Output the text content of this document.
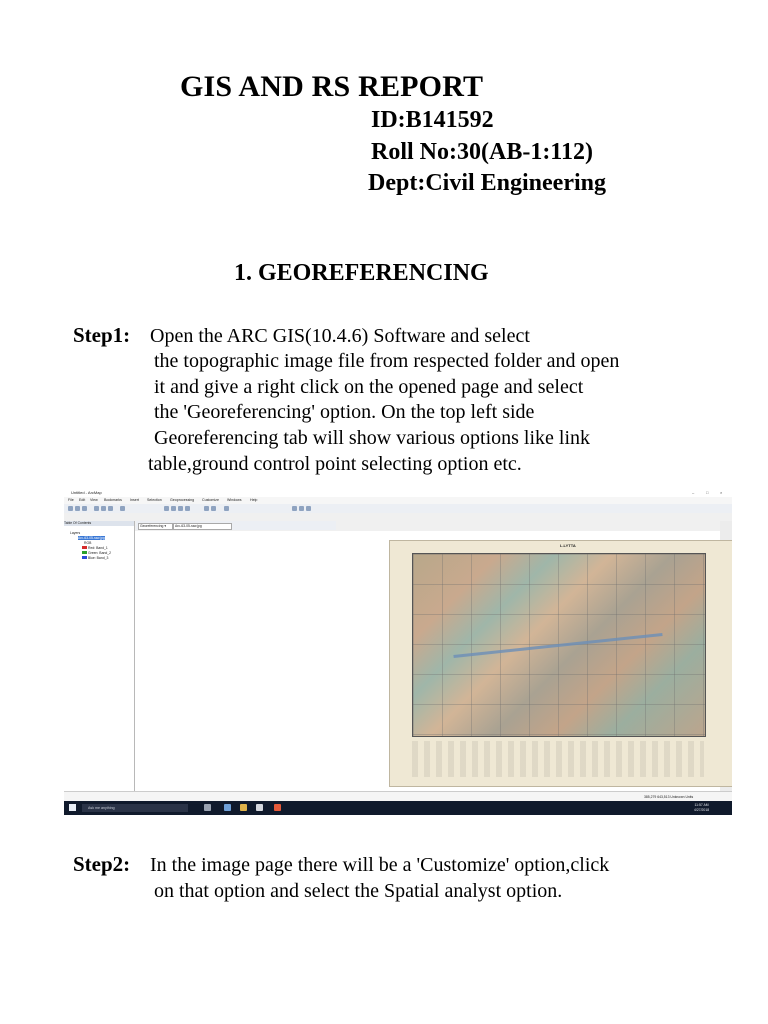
GIS AND RS REPORT
ID:B141592
Roll No:30(AB-1:112)
Dept:Civil Engineering
1. GEOREFERENCING
Step1: Open the ARC GIS(10.4.6) Software and select
the topographic image file from respected folder and open
it and give a right click on the opened page and select
the 'Georeferencing' option. On the top left side
Georeferencing tab will show various options like link
table,ground control point selecting option etc.
Untitled - ArcMap	–	□	×
File Edit View Bookmarks Insert Selection Geoprocessing Customize Windows Help
Table Of Contents
Layers
Arc-63-05-raw.jpg
RGB
Red: Band_1
Green: Band_2
Blue: Band_3
Georeferencing ▾	Arc-63-05-raw.jpg
L.LYTTA
385,279 643,513 Unknown Units
Ask me anything
11:57 AM
4/27/2018
Step2: In the image page there will be a 'Customize' option,click
on that option and select the Spatial analyst option.
